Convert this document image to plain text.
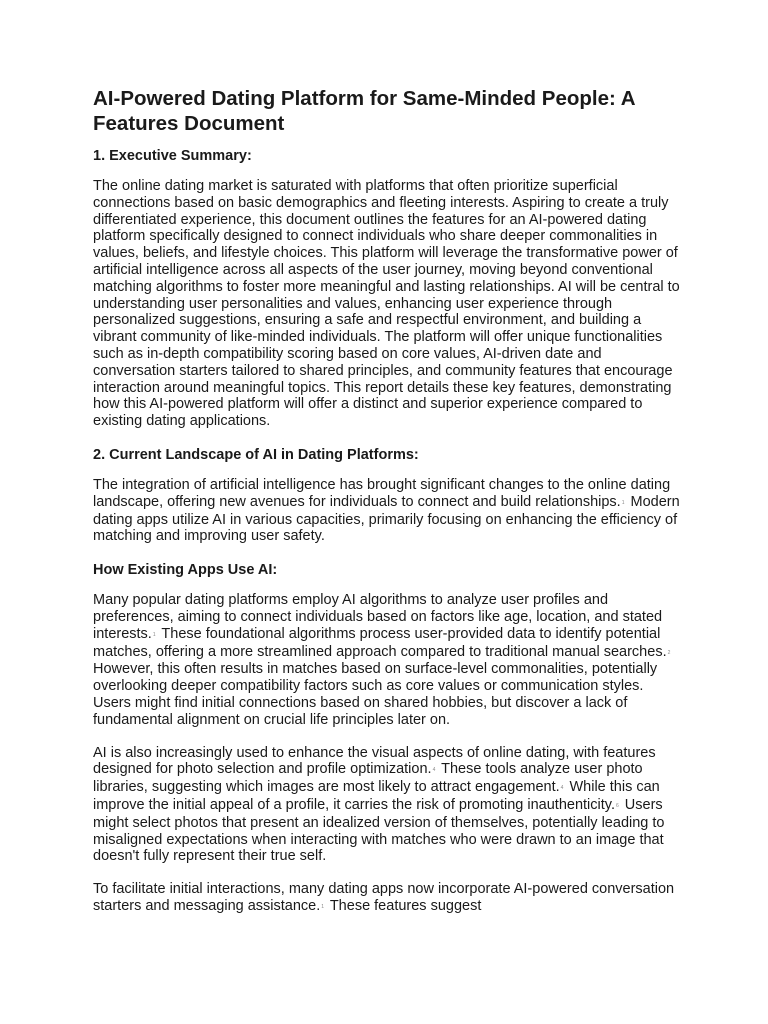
AI-Powered Dating Platform for Same-Minded People: A Features Document
1. Executive Summary:

The online dating market is saturated with platforms that often prioritize superficial connections based on basic demographics and fleeting interests. Aspiring to create a truly differentiated experience, this document outlines the features for an AI-powered dating platform specifically designed to connect individuals who share deeper commonalities in values, beliefs, and lifestyle choices. This platform will leverage the transformative power of artificial intelligence across all aspects of the user journey, moving beyond conventional matching algorithms to foster more meaningful and lasting relationships. AI will be central to understanding user personalities and values, enhancing user experience through personalized suggestions, ensuring a safe and respectful environment, and building a vibrant community of like-minded individuals. The platform will offer unique functionalities such as in-depth compatibility scoring based on core values, AI-driven date and conversation starters tailored to shared principles, and community features that encourage interaction around meaningful topics. This report details these key features, demonstrating how this AI-powered platform will offer a distinct and superior experience compared to existing dating applications.

2. Current Landscape of AI in Dating Platforms:

The integration of artificial intelligence has brought significant changes to the online dating landscape, offering new avenues for individuals to connect and build relationships.$^1$ Modern dating apps utilize AI in various capacities, primarily focusing on enhancing the efficiency of matching and improving user safety.

How Existing Apps Use AI:

Many popular dating platforms employ AI algorithms to analyze user profiles and preferences, aiming to connect individuals based on factors like age, location, and stated interests.$^1$ These foundational algorithms process user-provided data to identify potential matches, offering a more streamlined approach compared to traditional manual searches.$^2$ However, this often results in matches based on surface-level commonalities, potentially overlooking deeper compatibility factors such as core values or communication styles. Users might find initial connections based on shared hobbies, but discover a lack of fundamental alignment on crucial life principles later on.

AI is also increasingly used to enhance the visual aspects of online dating, with features designed for photo selection and profile optimization.$^4$ These tools analyze user photo libraries, suggesting which images are most likely to attract engagement.$^4$ While this can improve the initial appeal of a profile, it carries the risk of promoting inauthenticity.$^6$ Users might select photos that present an idealized version of themselves, potentially leading to misaligned expectations when interacting with matches who were drawn to an image that doesn't fully represent their true self.

To facilitate initial interactions, many dating apps now incorporate AI-powered conversation starters and messaging assistance.$^1$ These features suggest
